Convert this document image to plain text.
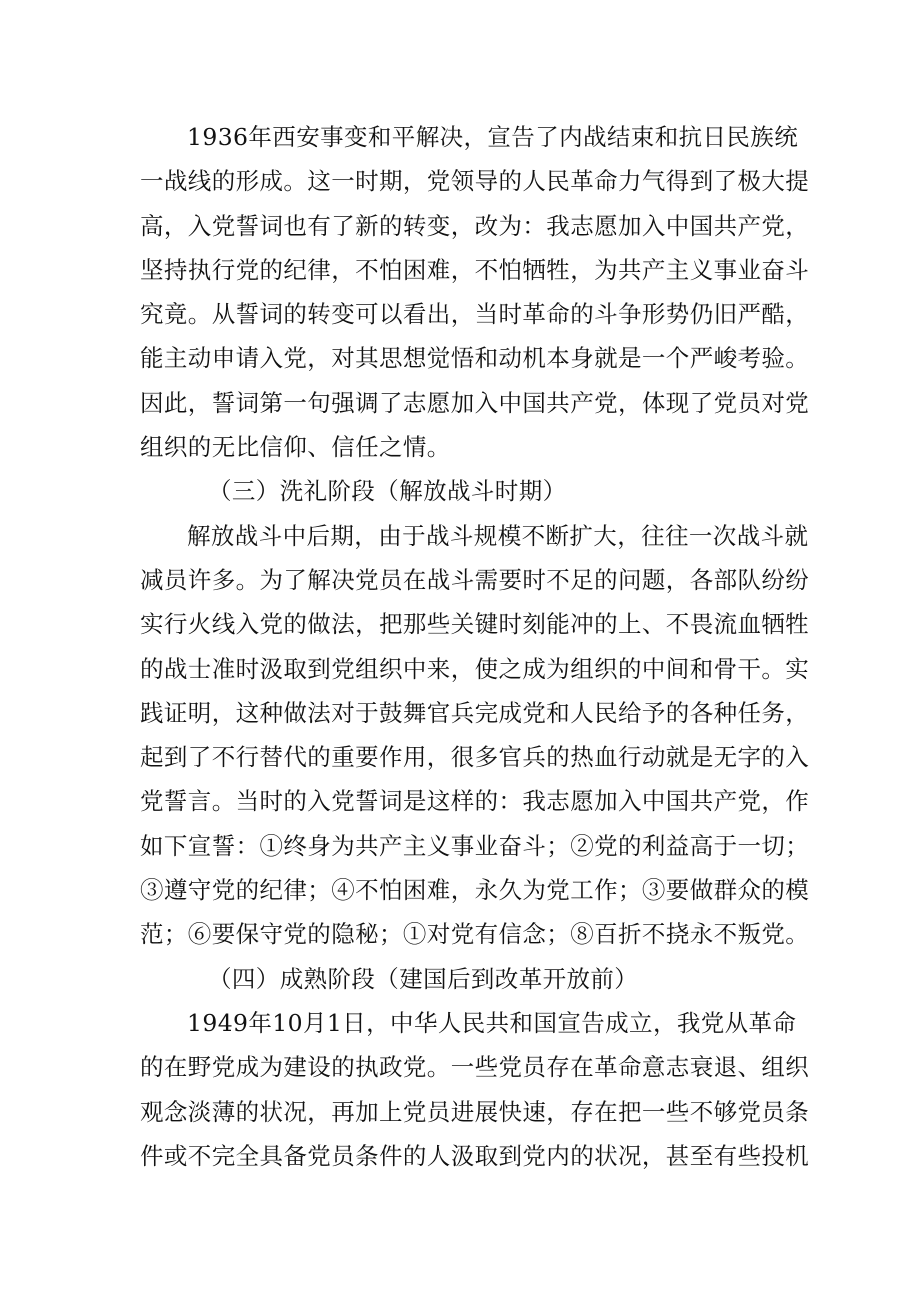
1936年西安事变和平解决，宣告了内战结束和抗日民族统
一战线的形成。这一时期，党领导的人民革命力气得到了极大提
高，入党誓词也有了新的转变，改为：我志愿加入中国共产党，
坚持执行党的纪律，不怕困难，不怕牺牲，为共产主义事业奋斗
究竟。从誓词的转变可以看出，当时革命的斗争形势仍旧严酷，
能主动申请入党，对其思想觉悟和动机本身就是一个严峻考验。
因此，誓词第一句强调了志愿加入中国共产党，体现了党员对党
组织的无比信仰、信任之情。
（三）洗礼阶段（解放战斗时期）
解放战斗中后期，由于战斗规模不断扩大，往往一次战斗就
减员许多。为了解决党员在战斗需要时不足的问题，各部队纷纷
实行火线入党的做法，把那些关键时刻能冲的上、不畏流血牺牲
的战士准时汲取到党组织中来，使之成为组织的中间和骨干。实
践证明，这种做法对于鼓舞官兵完成党和人民给予的各种任务，
起到了不行替代的重要作用，很多官兵的热血行动就是无字的入
党誓言。当时的入党誓词是这样的：我志愿加入中国共产党，作
如下宣誓：①终身为共产主义事业奋斗；②党的利益高于一切；
③遵守党的纪律；④不怕困难，永久为党工作；③要做群众的模
范；⑥要保守党的隐秘；①对党有信念；⑧百折不挠永不叛党。
（四）成熟阶段（建国后到改革开放前）
1949年10月1日，中华人民共和国宣告成立，我党从革命
的在野党成为建设的执政党。一些党员存在革命意志衰退、组织
观念淡薄的状况，再加上党员进展快速，存在把一些不够党员条
件或不完全具备党员条件的人汲取到党内的状况，甚至有些投机
